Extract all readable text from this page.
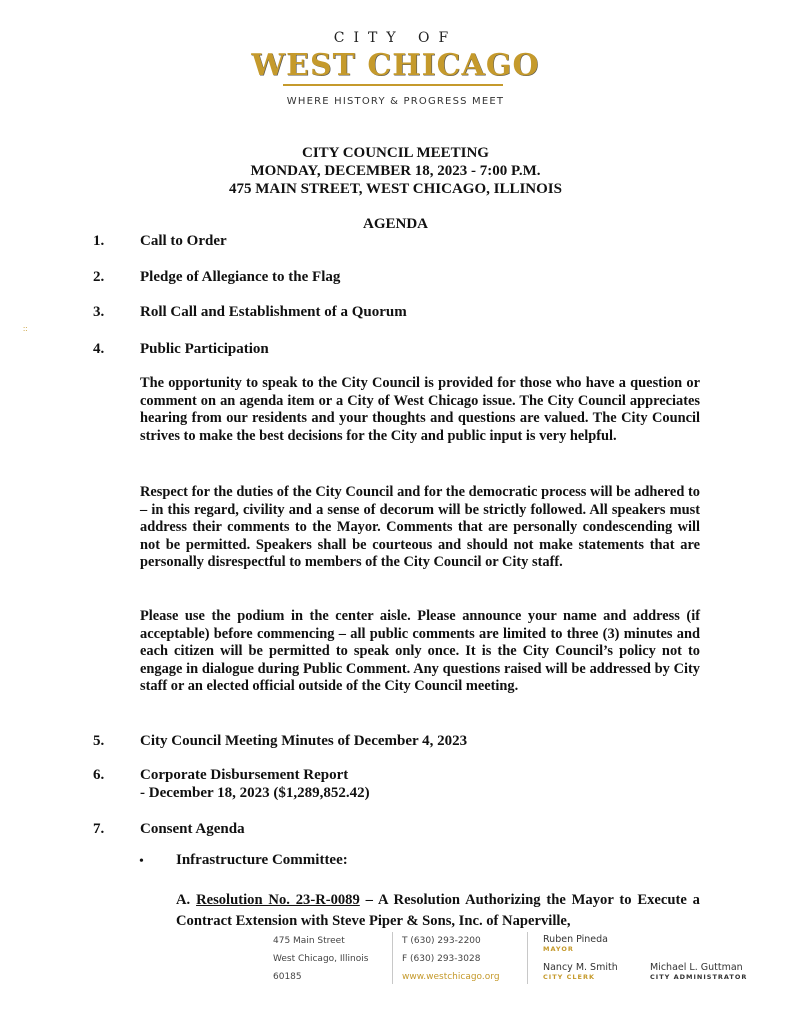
CITY OF
WEST CHICAGO
WHERE HISTORY & PROGRESS MEET
CITY COUNCIL MEETING
MONDAY, DECEMBER 18, 2023 - 7:00 P.M.
475 MAIN STREET, WEST CHICAGO, ILLINOIS
AGENDA
::
1. Call to Order
2. Pledge of Allegiance to the Flag
3. Roll Call and Establishment of a Quorum
4. Public Participation

The opportunity to speak to the City Council is provided for those who have a question or comment on an agenda item or a City of West Chicago issue. The City Council appreciates hearing from our residents and your thoughts and questions are valued. The City Council strives to make the best decisions for the City and public input is very helpful.

Respect for the duties of the City Council and for the democratic process will be adhered to – in this regard, civility and a sense of decorum will be strictly followed. All speakers must address their comments to the Mayor. Comments that are personally condescending will not be permitted. Speakers shall be courteous and should not make statements that are personally disrespectful to members of the City Council or City staff.

Please use the podium in the center aisle. Please announce your name and address (if acceptable) before commencing – all public comments are limited to three (3) minutes and each citizen will be permitted to speak only once. It is the City Council’s policy not to engage in dialogue during Public Comment. Any questions raised will be addressed by City staff or an elected official outside of the City Council meeting.

5. City Council Meeting Minutes of December 4, 2023
6. Corporate Disbursement Report
- December 18, 2023 ($1,289,852.42)
7. Consent Agenda
• Infrastructure Committee:
A. Resolution No. 23-R-0089 – A Resolution Authorizing the Mayor to Execute a Contract Extension with Steve Piper & Sons, Inc. of Naperville,
475 Main Street
West Chicago, Illinois
60185
T (630) 293-2200
F (630) 293-3028
www.westchicago.org
Ruben Pineda
MAYOR
Nancy M. Smith
CITY CLERK
Michael L. Guttman
CITY ADMINISTRATOR
